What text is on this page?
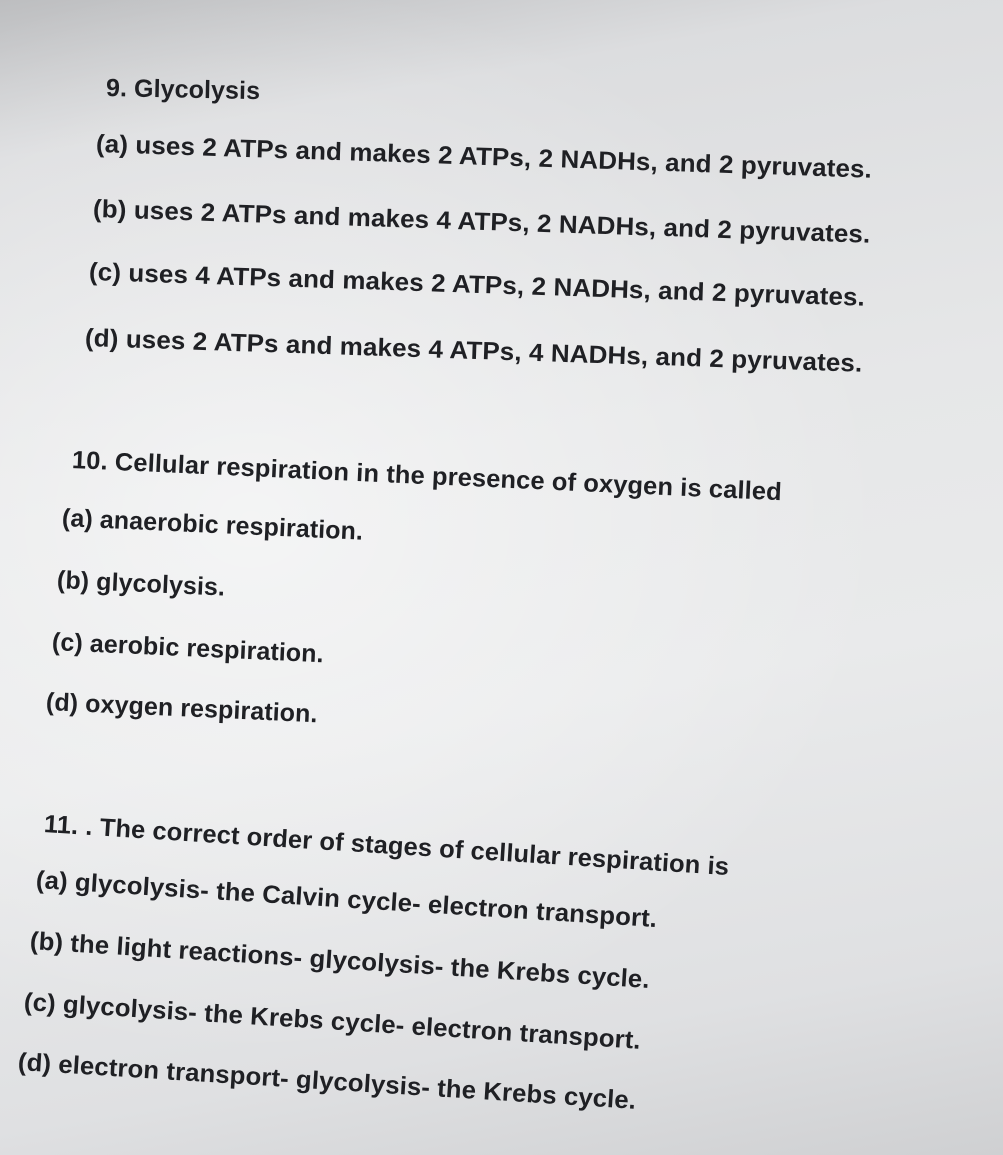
9. Glycolysis
(a) uses 2 ATPs and makes 2 ATPs, 2 NADHs, and 2 pyruvates.
(b) uses 2 ATPs and makes 4 ATPs, 2 NADHs, and 2 pyruvates.
(c) uses 4 ATPs and makes 2 ATPs, 2 NADHs, and 2 pyruvates.
(d) uses 2 ATPs and makes 4 ATPs, 4 NADHs, and 2 pyruvates.
10. Cellular respiration in the presence of oxygen is called
(a) anaerobic respiration.
(b) glycolysis.
(c) aerobic respiration.
(d) oxygen respiration.
11. . The correct order of stages of cellular respiration is
(a) glycolysis- the Calvin cycle- electron transport.
(b) the light reactions- glycolysis- the Krebs cycle.
(c) glycolysis- the Krebs cycle- electron transport.
(d) electron transport- glycolysis- the Krebs cycle.
